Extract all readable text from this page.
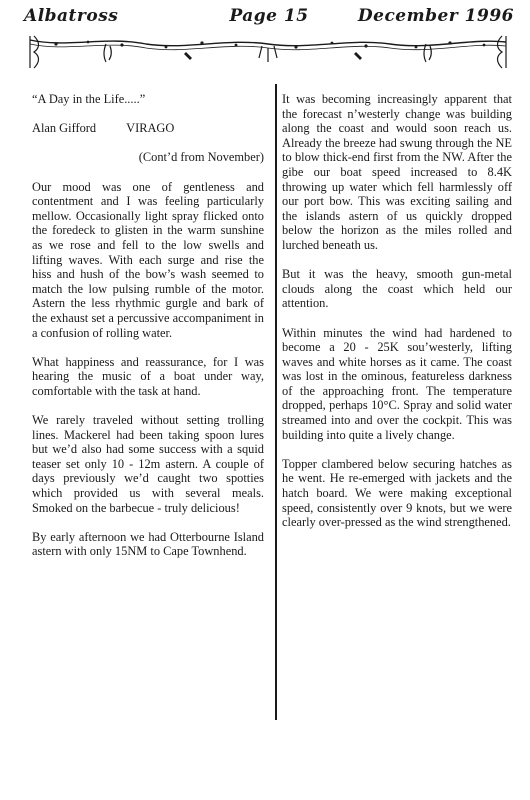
Page 15
Albatross	December 1996

“A Day in the Life.....”

Alan Gifford VIRAGO

(Cont’d from November)

Our mood was one of gentleness and contentment and I was feeling particularly mellow. Occasionally light spray flicked onto the foredeck to glisten in the warm sunshine as we rose and fell to the low swells and lifting waves. With each surge and rise the hiss and hush of the bow’s wash seemed to match the low pulsing rumble of the motor. Astern the less rhythmic gurgle and bark of the exhaust set a percussive accompaniment in a confusion of rolling water.

What happiness and reassurance, for I was hearing the music of a boat under way, comfortable with the task at hand.

We rarely traveled without setting trolling lines. Mackerel had been taking spoon lures but we’d also had some success with a squid teaser set only 10 - 12m astern. A couple of days previously we’d caught two spotties which provided us with several meals. Smoked on the barbecue - truly delicious!

By early afternoon we had Otterbourne Island astern with only 15NM to Cape Townhend.

It was becoming increasingly apparent that the forecast n’westerly change was building along the coast and would soon reach us. Already the breeze had swung through the NE to blow thick-end first from the NW. After the gibe our boat speed increased to 8.4K throwing up water which fell harmlessly off our port bow. This was exciting sailing and the islands astern of us quickly dropped below the horizon as the miles rolled and lurched beneath us.

But it was the heavy, smooth gun-metal clouds along the coast which held our attention.

Within minutes the wind had hardened to become a 20 - 25K sou’westerly, lifting waves and white horses as it came. The coast was lost in the ominous, featureless darkness of the approaching front. The temperature dropped, perhaps 10°C. Spray and solid water streamed into and over the cockpit. This was building into quite a lively change.

Topper clambered below securing hatches as he went. He re-emerged with jackets and the hatch board. We were making exceptional speed, consistently over 9 knots, but we were clearly over-pressed as the wind strengthened.
